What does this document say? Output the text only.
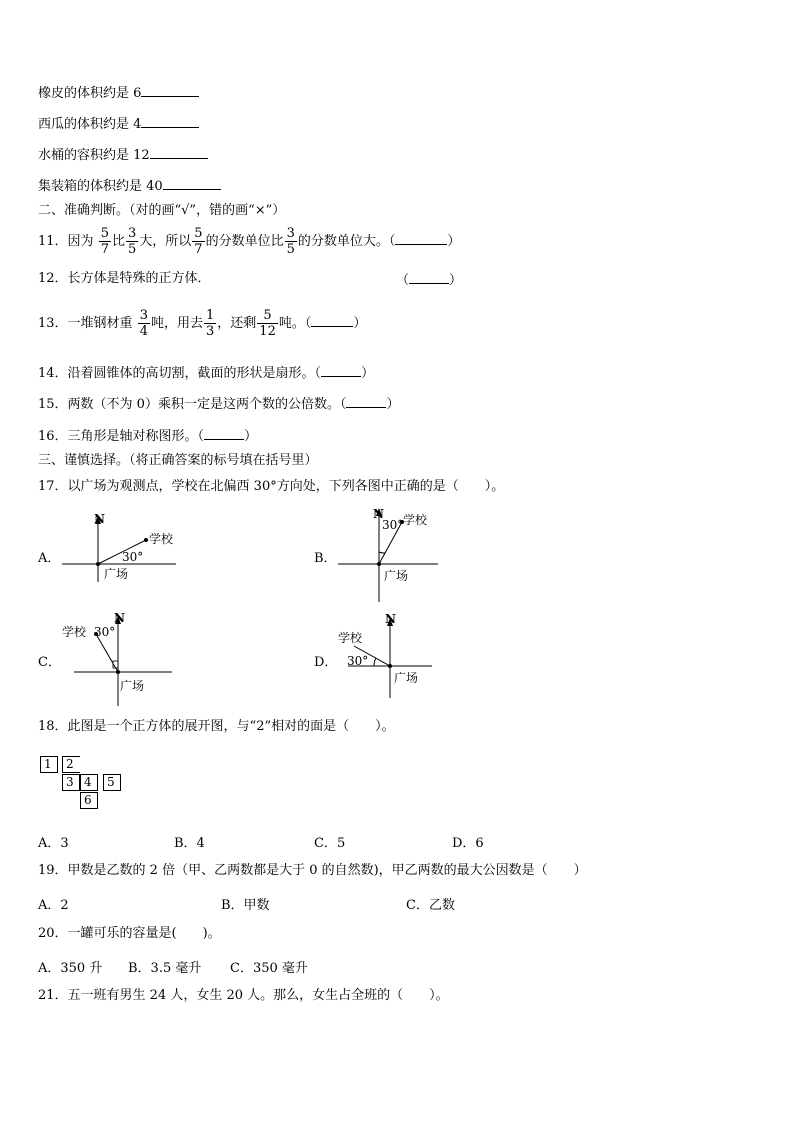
橡皮的体积约是 6
西瓜的体积约是 4
水桶的容积约是 12
集装箱的体积约是 40
二、准确判断。（对的画“√”，错的画“×”）
11．因为 $\frac{5}{7}$ 比 $\frac{3}{5}$ 大，所以 $\frac{5}{7}$ 的分数单位比 $\frac{3}{5}$ 的分数单位大。（	）
12．长方体是特殊的正方体．	（	）
13．一堆钢材重 $\frac{3}{4}$ 吨，用去 $\frac{1}{3}$ ，还剩 $\frac{5}{12}$ 吨。（	）
14．沿着圆锥体的高切割，截面的形状是扇形。（	）
15．两数（不为 0）乘积一定是这两个数的公倍数。（	）
16．三角形是轴对称图形。（	）
三、谨慎选择。（将正确答案的标号填在括号里）
17．以广场为观测点，学校在北偏西 30°方向处，下列各图中正确的是（　　）。
A．
N
学校
30°
广场
B．
N 学校
30°
广场
C．
N
学校 30°
广场
D．
N
学校
30°
广场
18．此图是一个正方体的展开图，与“2”相对的面是（　　）。
1	2
3 4	5
6
A．3	B．4	C．5	D．6
19．甲数是乙数的 2 倍（甲、乙两数都是大于 0 的自然数)，甲乙两数的最大公因数是（　　）
A．2	B．甲数	C．乙数
20．一罐可乐的容量是(　　)。
A．350 升 B．3.5 毫升 C．350 毫升
21．五一班有男生 24 人，女生 20 人。那么，女生占全班的（　　）。
